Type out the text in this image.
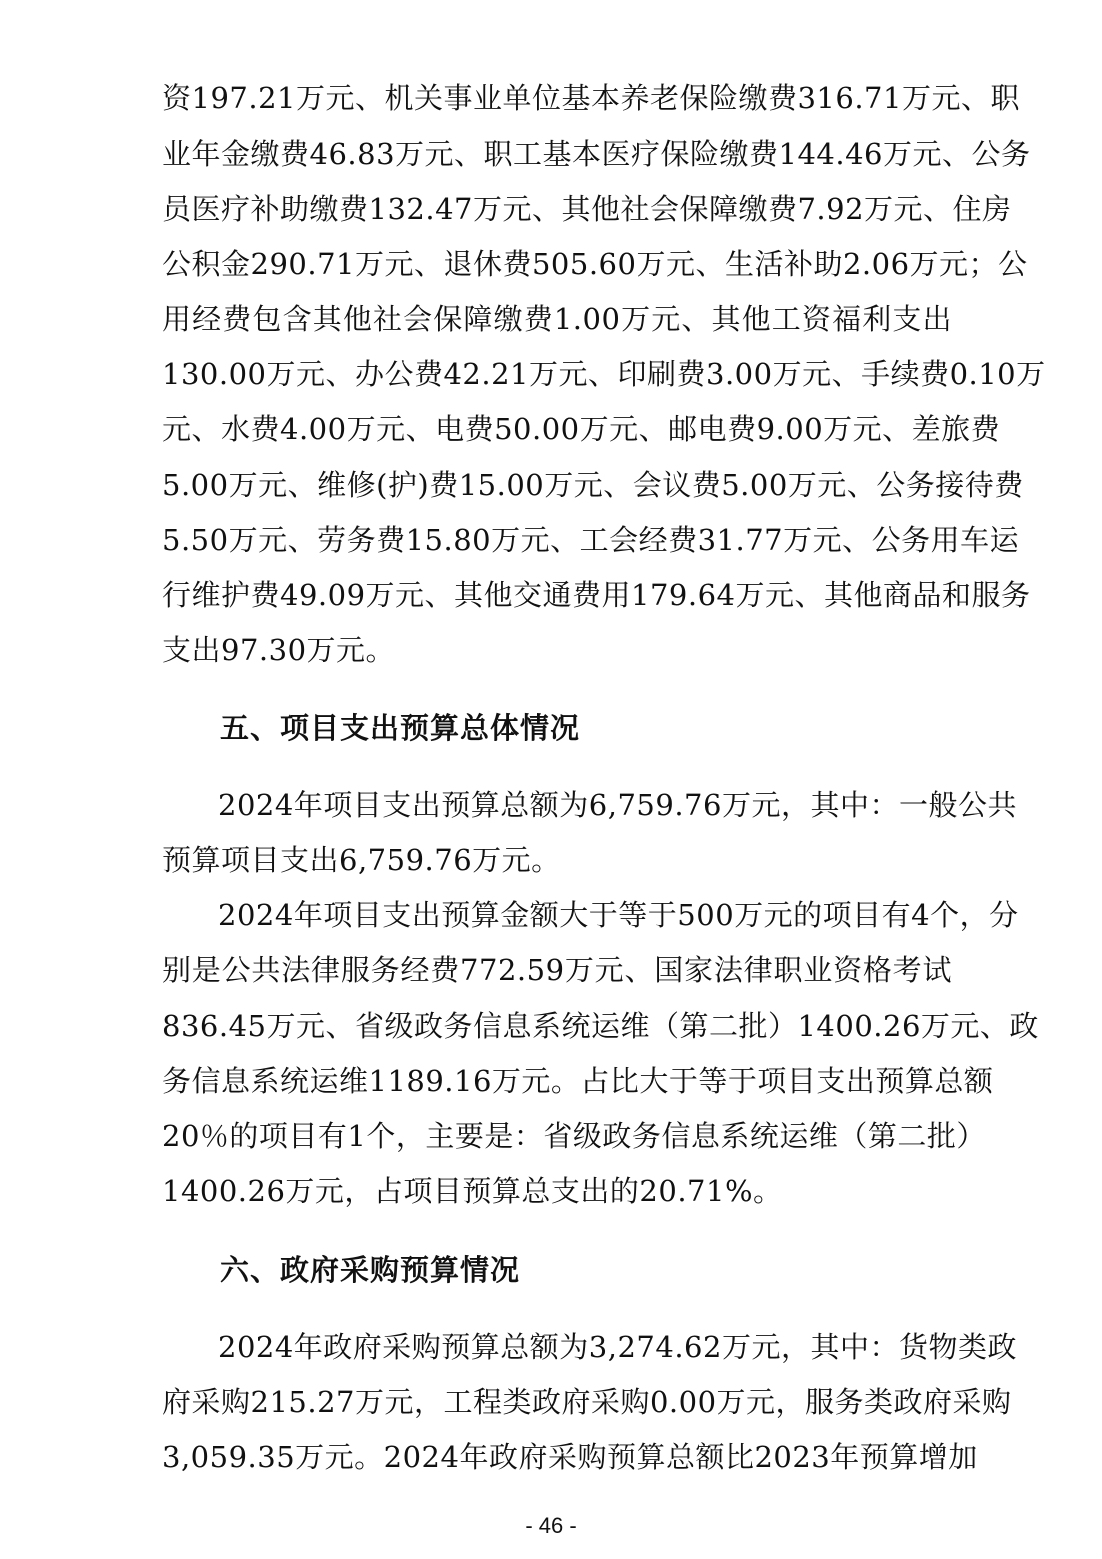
资197.21万元、机关事业单位基本养老保险缴费316.71万元、职
业年金缴费46.83万元、职工基本医疗保险缴费144.46万元、公务
员医疗补助缴费132.47万元、其他社会保障缴费7.92万元、住房
公积金290.71万元、退休费505.60万元、生活补助2.06万元；公
用经费包含其他社会保障缴费1.00万元、其他工资福利支出
130.00万元、办公费42.21万元、印刷费3.00万元、手续费0.10万
元、水费4.00万元、电费50.00万元、邮电费9.00万元、差旅费
5.00万元、维修(护)费15.00万元、会议费5.00万元、公务接待费
5.50万元、劳务费15.80万元、工会经费31.77万元、公务用车运
行维护费49.09万元、其他交通费用179.64万元、其他商品和服务
支出97.30万元。
五、项目支出预算总体情况
2024年项目支出预算总额为6,759.76万元，其中：一般公共
预算项目支出6,759.76万元。
2024年项目支出预算金额大于等于500万元的项目有4个，分
别是公共法律服务经费772.59万元、国家法律职业资格考试
836.45万元、省级政务信息系统运维（第二批）1400.26万元、政
务信息系统运维1189.16万元。占比大于等于项目支出预算总额
20％的项目有1个，主要是：省级政务信息系统运维（第二批）
1400.26万元，占项目预算总支出的20.71%。
六、政府采购预算情况
2024年政府采购预算总额为3,274.62万元，其中：货物类政
府采购215.27万元，工程类政府采购0.00万元，服务类政府采购
3,059.35万元。2024年政府采购预算总额比2023年预算增加
- 46 -
